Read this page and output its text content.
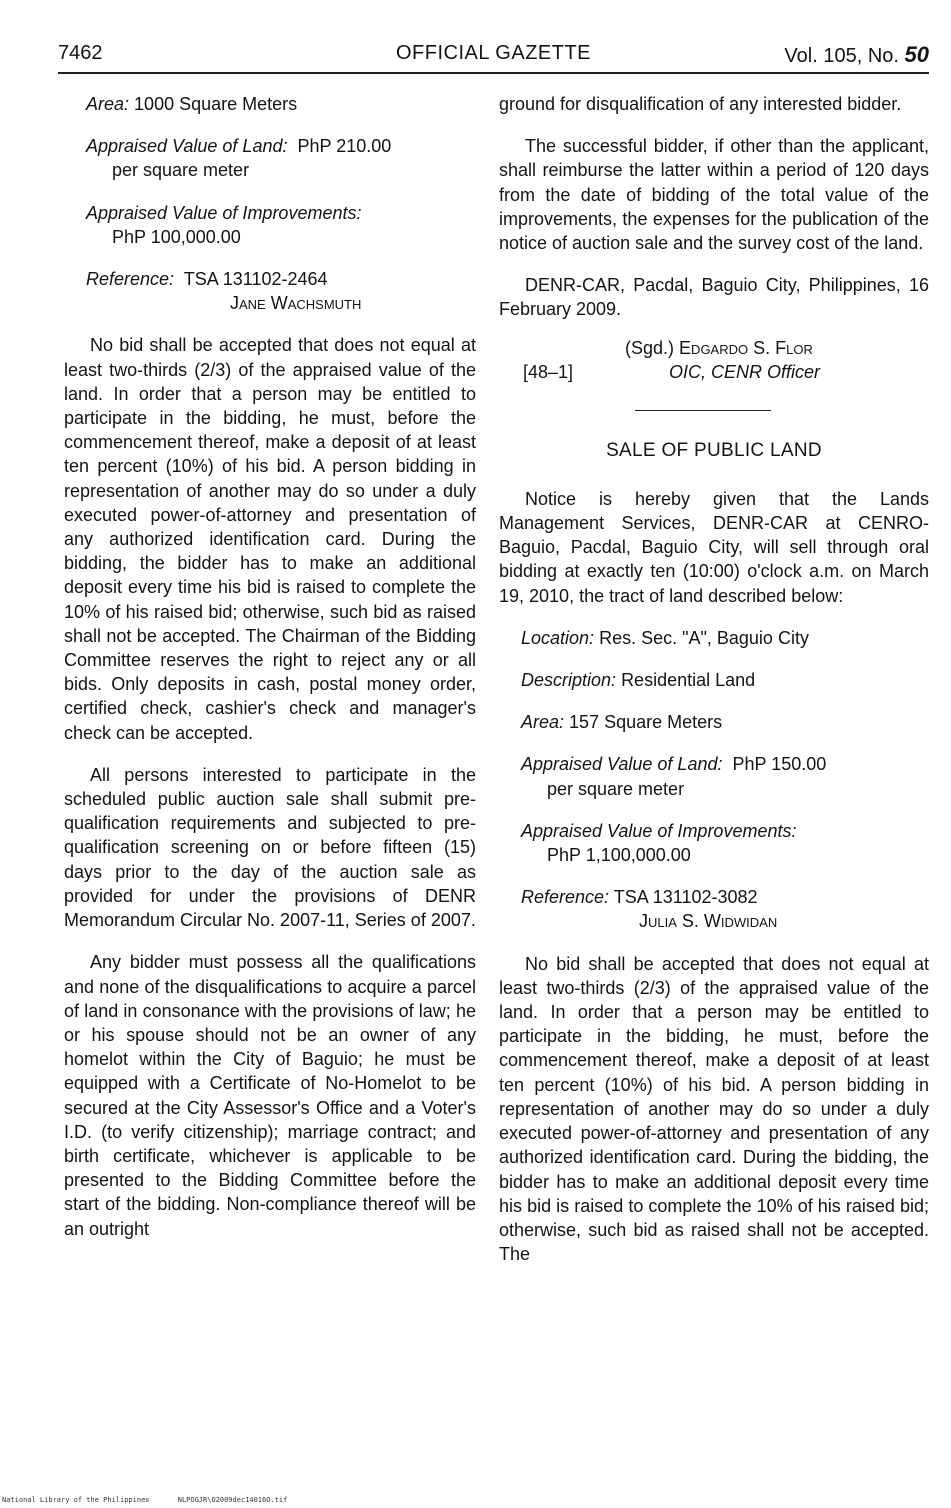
7462	OFFICIAL GAZETTE	Vol. 105, No. 50
Area: 1000 Square Meters
Appraised Value of Land: PhP 210.00
per square meter
Appraised Value of Improvements:
PhP 100,000.00
Reference: TSA 131102-2464
Jane Wachsmuth

No bid shall be accepted that does not equal at least two-thirds (2/3) of the appraised value of the land. In order that a person may be entitled to participate in the bidding, he must, before the commencement thereof, make a deposit of at least ten percent (10%) of his bid. A person bidding in representation of another may do so under a duly executed power-of-attorney and presentation of any authorized identification card. During the bidding, the bidder has to make an additional deposit every time his bid is raised to complete the 10% of his raised bid; otherwise, such bid as raised shall not be accepted. The Chairman of the Bidding Committee reserves the right to reject any or all bids. Only deposits in cash, postal money order, certified check, cashier's check and manager's check can be accepted.

All persons interested to participate in the scheduled public auction sale shall submit pre-qualification requirements and subjected to pre-qualification screening on or before fifteen (15) days prior to the day of the auction sale as provided for under the provisions of DENR Memorandum Circular No. 2007-11, Series of 2007.

Any bidder must possess all the qualifications and none of the disqualifications to acquire a parcel of land in consonance with the provisions of law; he or his spouse should not be an owner of any homelot within the City of Baguio; he must be equipped with a Certificate of No-Homelot to be secured at the City Assessor's Office and a Voter's I.D. (to verify citizenship); marriage contract; and birth certificate, whichever is applicable to be presented to the Bidding Committee before the start of the bidding. Non-compliance thereof will be an outright

ground for disqualification of any interested bidder.

The successful bidder, if other than the applicant, shall reimburse the latter within a period of 120 days from the date of bidding of the total value of the improvements, the expenses for the publication of the notice of auction sale and the survey cost of the land.

DENR-CAR, Pacdal, Baguio City, Philippines, 16 February 2009.

(Sgd.) Edgardo S. Flor
[48–1]	OIC, CENR Officer
SALE OF PUBLIC LAND

Notice is hereby given that the Lands Management Services, DENR-CAR at CENRO-Baguio, Pacdal, Baguio City, will sell through oral bidding at exactly ten (10:00) o'clock a.m. on March 19, 2010, the tract of land described below:

Location: Res. Sec. "A", Baguio City
Description: Residential Land
Area: 157 Square Meters
Appraised Value of Land: PhP 150.00
per square meter
Appraised Value of Improvements:
PhP 1,100,000.00
Reference: TSA 131102-3082
Julia S. Widwidan

No bid shall be accepted that does not equal at least two-thirds (2/3) of the appraised value of the land. In order that a person may be entitled to participate in the bidding, he must, before the commencement thereof, make a deposit of at least ten percent (10%) of his bid. A person bidding in representation of another may do so under a duly executed power-of-attorney and presentation of any authorized identification card. During the bidding, the bidder has to make an additional deposit every time his bid is raised to complete the 10% of his raised bid; otherwise, such bid as raised shall not be accepted. The

National Library of the Philippines	NLPOGJR\O2009dec14016O.tif
